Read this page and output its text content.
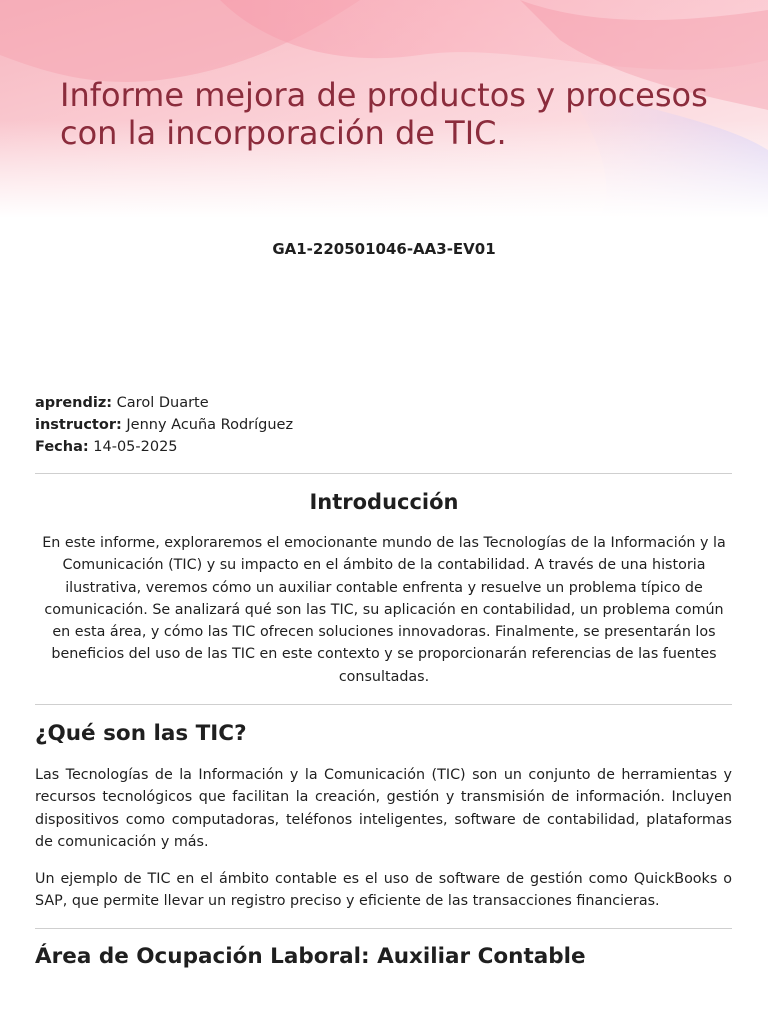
Informe mejora de productos y procesos con la incorporación de TIC.

GA1-220501046-AA3-EV01

aprendiz: Carol Duarte
instructor: Jenny Acuña Rodríguez
Fecha: 14-05-2025
Introducción

En este informe, exploraremos el emocionante mundo de las Tecnologías de la Información y la Comunicación (TIC) y su impacto en el ámbito de la contabilidad. A través de una historia ilustrativa, veremos cómo un auxiliar contable enfrenta y resuelve un problema típico de comunicación. Se analizará qué son las TIC, su aplicación en contabilidad, un problema común en esta área, y cómo las TIC ofrecen soluciones innovadoras. Finalmente, se presentarán los beneficios del uso de las TIC en este contexto y se proporcionarán referencias de las fuentes consultadas.

¿Qué son las TIC?

Las Tecnologías de la Información y la Comunicación (TIC) son un conjunto de herramientas y recursos tecnológicos que facilitan la creación, gestión y transmisión de información. Incluyen dispositivos como computadoras, teléfonos inteligentes, software de contabilidad, plataformas de comunicación y más.

Un ejemplo de TIC en el ámbito contable es el uso de software de gestión como QuickBooks o SAP, que permite llevar un registro preciso y eficiente de las transacciones financieras.

Área de Ocupación Laboral: Auxiliar Contable
